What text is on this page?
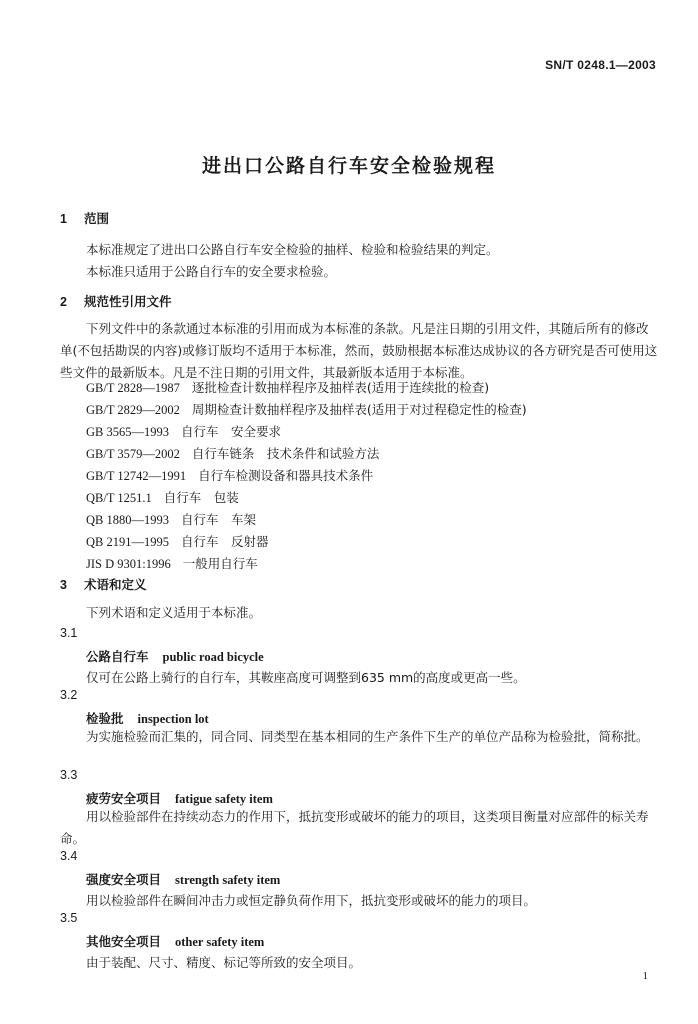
SN/T 0248.1—2003
进出口公路自行车安全检验规程
1 范围
本标准规定了进出口公路自行车安全检验的抽样、检验和检验结果的判定。
本标准只适用于公路自行车的安全要求检验。
2 规范性引用文件
下列文件中的条款通过本标准的引用而成为本标准的条款。凡是注日期的引用文件，其随后所有的修改单(不包括勘误的内容)或修订版均不适用于本标准，然而，鼓励根据本标准达成协议的各方研究是否可使用这些文件的最新版本。凡是不注日期的引用文件，其最新版本适用于本标准。
GB/T 2828—1987 逐批检查计数抽样程序及抽样表(适用于连续批的检查)
GB/T 2829—2002 周期检查计数抽样程序及抽样表(适用于对过程稳定性的检查)
GB 3565—1993 自行车　安全要求
GB/T 3579—2002 自行车链条　技术条件和试验方法
GB/T 12742—1991 自行车检测设备和器具技术条件
QB/T 1251.1 自行车　包装
QB 1880—1993 自行车　车架
QB 2191—1995 自行车　反射器
JIS D 9301:1996 一般用自行车
3 术语和定义
下列术语和定义适用于本标准。
3.1
公路自行车 public road bicycle
仅可在公路上骑行的自行车，其鞍座高度可调整到635 mm的高度或更高一些。
3.2
检验批 inspection lot
为实施检验而汇集的，同合同、同类型在基本相同的生产条件下生产的单位产品称为检验批，简称批。
3.3
疲劳安全项目 fatigue safety item
用以检验部件在持续动态力的作用下，抵抗变形或破坏的能力的项目，这类项目衡量对应部件的标关寿命。
3.4
强度安全项目 strength safety item
用以检验部件在瞬间冲击力或恒定静负荷作用下，抵抗变形或破坏的能力的项目。
3.5
其他安全项目 other safety item
由于装配、尺寸、精度、标记等所致的安全项目。
1
